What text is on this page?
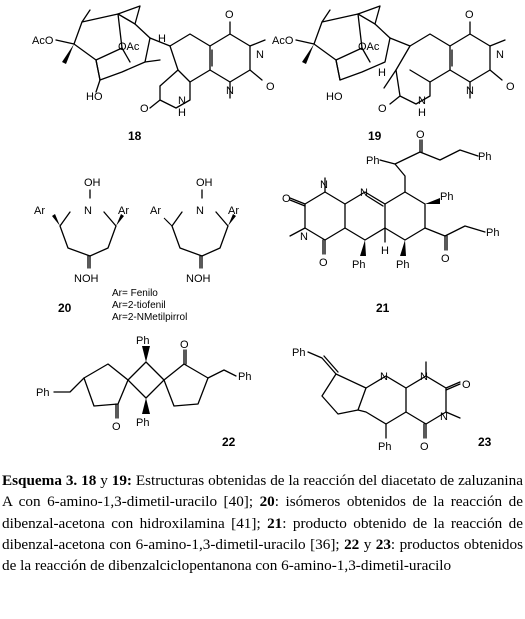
AcO	OAc
HO
H
N
N
N
H
O
O
O
18
AcO	OAc
HO
H
N
N
N
H
O
O
O
19
OH
N
Ar	Ar
NOH
OH
N
Ar	Ar
NOH
Ar= Fenilo
Ar=2-tiofenil
Ar=2-NMetilpirrol
20
Ph	Ph
Ph
Ph
Ph	Ph
O
O
O
O
N
N
N
H
21
Ph
Ph
Ph
Ph
O
O
22
Ph
Ph
N	N
N
O
O	23
Esquema 3. 18 y 19: Estructuras obtenidas de la reacción del diacetato de zaluzanina A con 6-amino-1,3-dimetil-uracilo [40]; 20: isómeros obtenidos de la reacción de dibenzal-acetona con hidroxilamina [41]; 21: producto obtenido de la reacción de dibenzal-acetona con 6-amino-1,3-dimetil-uracilo [36]; 22 y 23: productos obtenidos de la reacción de dibenzalciclopentanona con 6-amino-1,3-dimetil-uracilo
